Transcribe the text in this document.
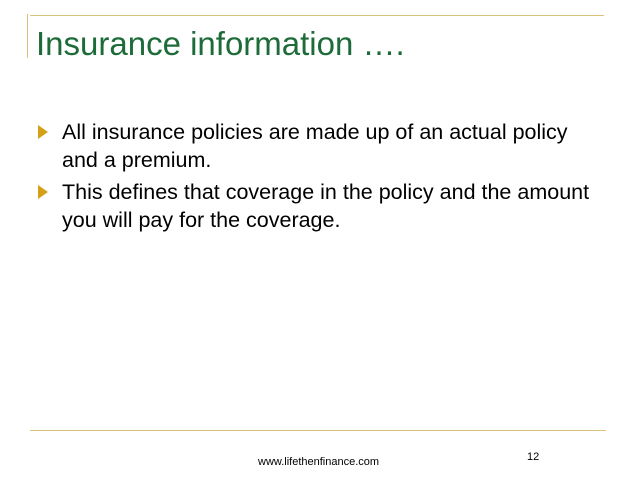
Insurance information ….
All insurance policies are made up of an actual policy and a premium.
This defines that coverage in the policy and the amount you will pay for the coverage.
www.lifethenfinance.com	12
